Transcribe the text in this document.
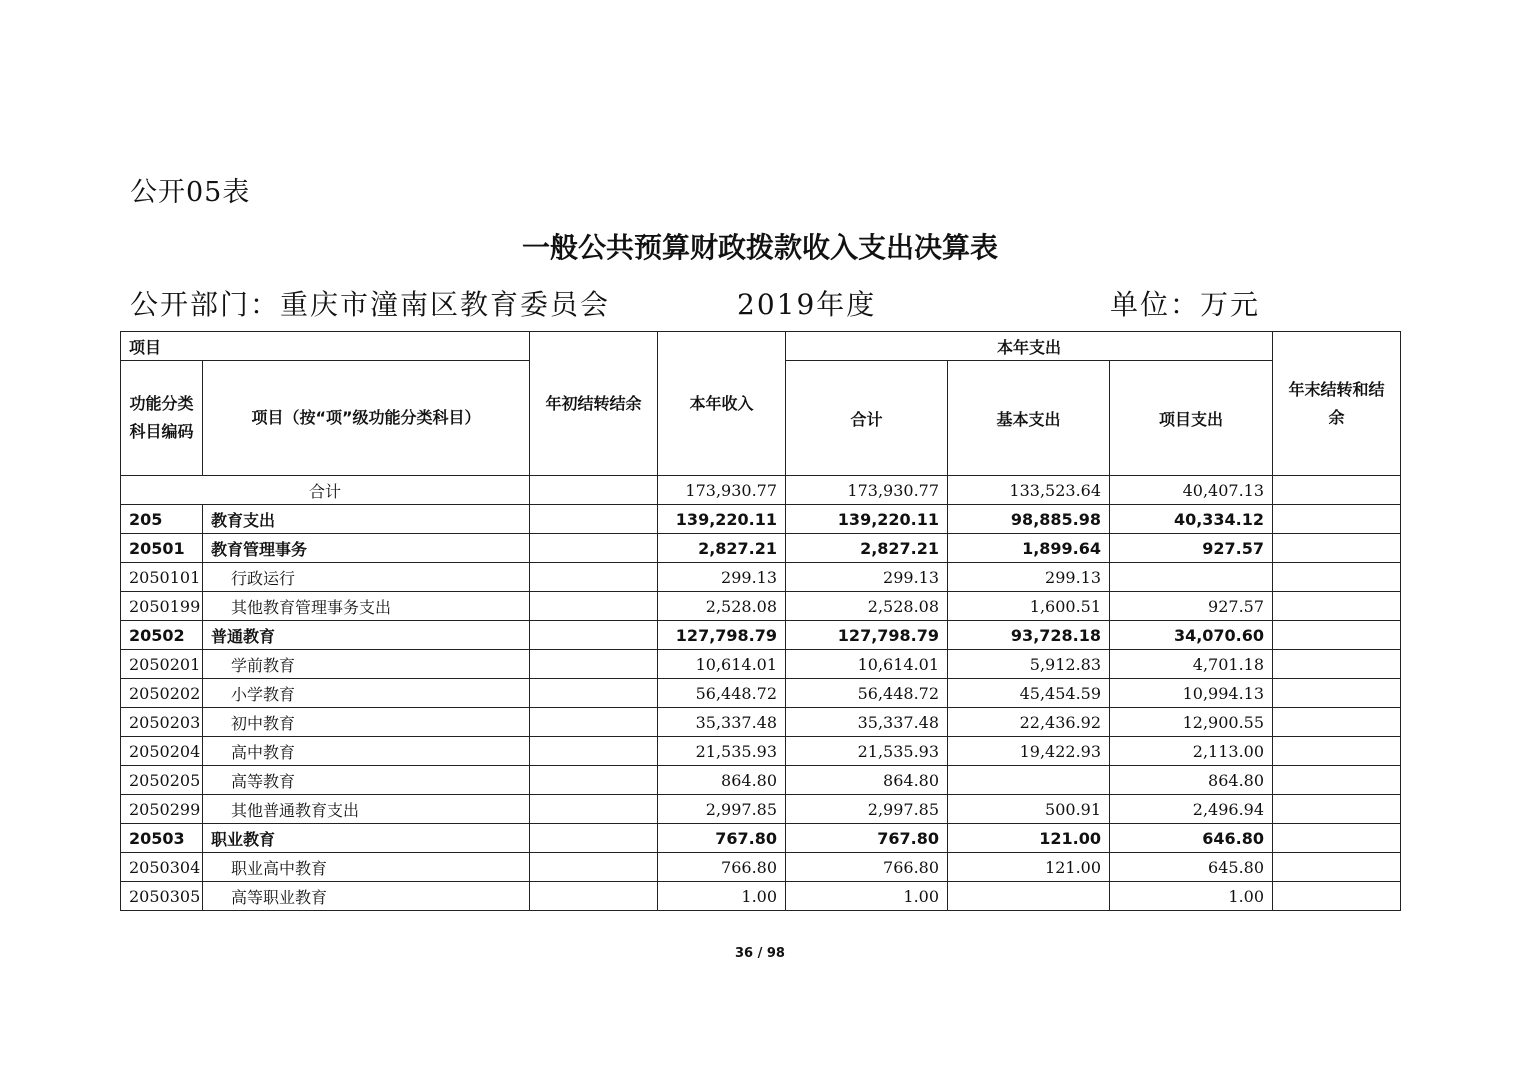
公开05表
一般公共预算财政拨款收入支出决算表
公开部门：重庆市潼南区教育委员会	2019年度	单位：万元
项目		年初结转结余	本年收入	本年支出			年末结转和结余
功能分类科目编码	项目（按“项”级功能分类科目）			合计	基本支出	项目支出	
合计			173,930.77	173,930.77	133,523.64	40,407.13	
205	教育支出		139,220.11	139,220.11	98,885.98	40,334.12	
20501	教育管理事务		2,827.21	2,827.21	1,899.64	927.57	
2050101	行政运行		299.13	299.13	299.13		
2050199	其他教育管理事务支出		2,528.08	2,528.08	1,600.51	927.57	
20502	普通教育		127,798.79	127,798.79	93,728.18	34,070.60	
2050201	学前教育		10,614.01	10,614.01	5,912.83	4,701.18	
2050202	小学教育		56,448.72	56,448.72	45,454.59	10,994.13	
2050203	初中教育		35,337.48	35,337.48	22,436.92	12,900.55	
2050204	高中教育		21,535.93	21,535.93	19,422.93	2,113.00	
2050205	高等教育		864.80	864.80		864.80	
2050299	其他普通教育支出		2,997.85	2,997.85	500.91	2,496.94	
20503	职业教育		767.80	767.80	121.00	646.80	
2050304	职业高中教育		766.80	766.80	121.00	645.80	
2050305	高等职业教育		1.00	1.00		1.00	
36 / 98
